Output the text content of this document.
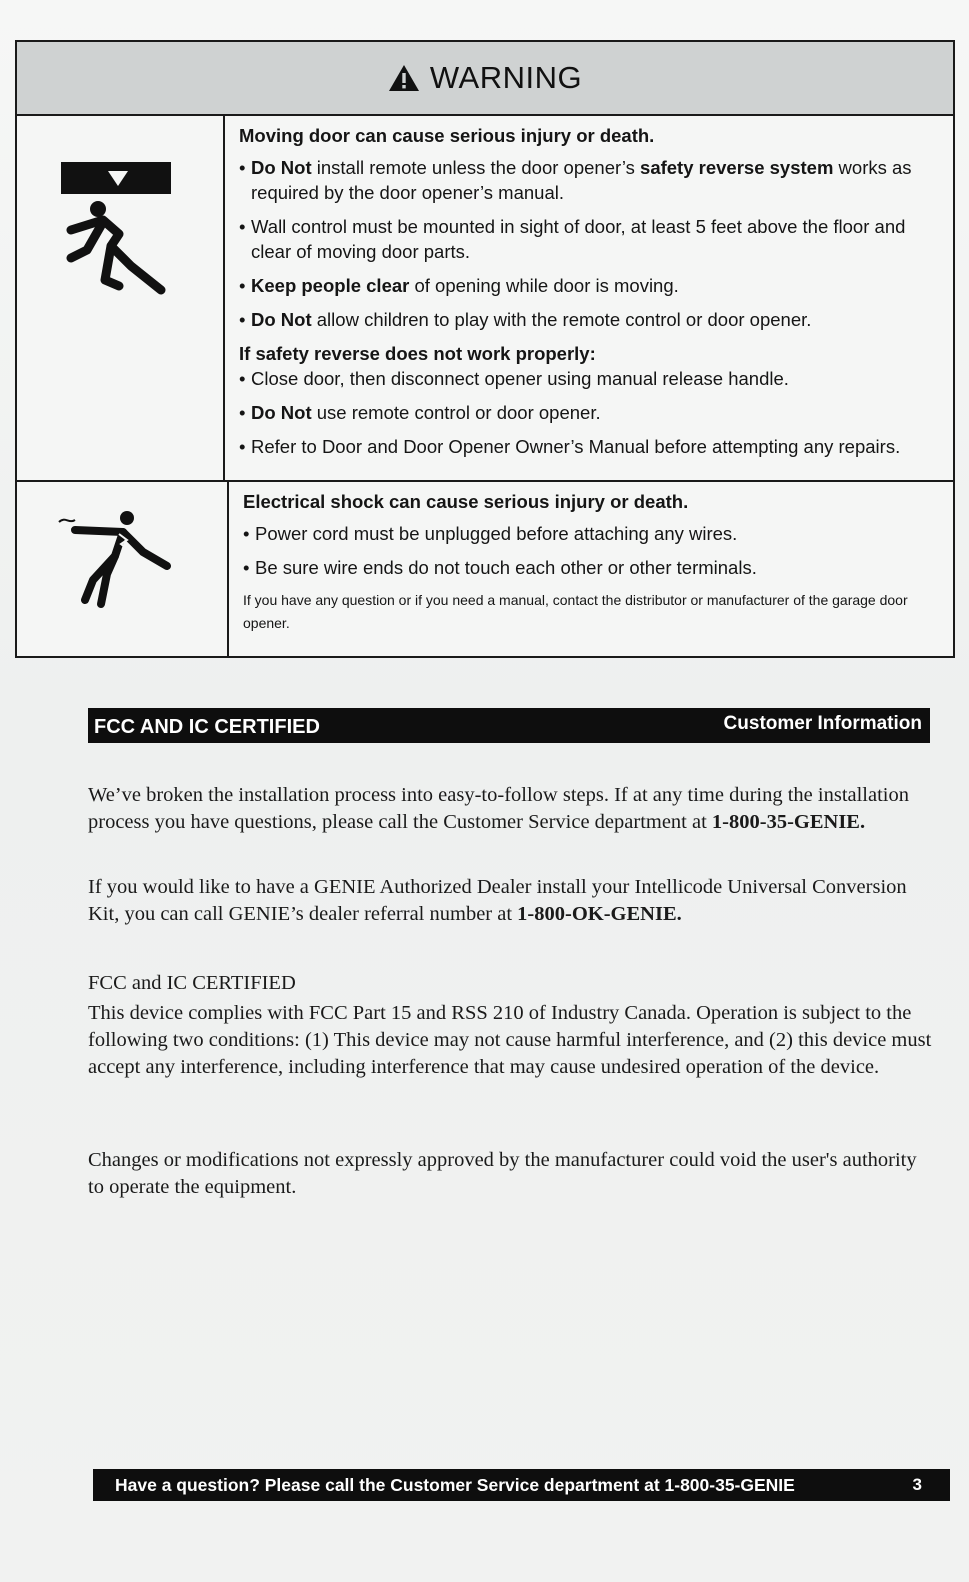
WARNING
Moving door can cause serious injury or death.
• Do Not install remote unless the door opener’s safety reverse system works as required by the door opener’s manual.
• Wall control must be mounted in sight of door, at least 5 feet above the floor and clear of moving door parts.
• Keep people clear of opening while door is moving.
• Do Not allow children to play with the remote control or door opener.
If safety reverse does not work properly:
• Close door, then disconnect opener using manual release handle.
• Do Not use remote control or door opener.
• Refer to Door and Door Opener Owner’s Manual before attempting any repairs.
Electrical shock can cause serious injury or death.
• Power cord must be unplugged before attaching any wires.
• Be sure wire ends do not touch each other or other terminals.
If you have any question or if you need a manual, contact the distributor or manufacturer of the garage door opener.
FCC AND IC CERTIFIED	Customer Information
We’ve broken the installation process into easy-to-follow steps. If at any time during the installation process you have questions, please call the Customer Service department at 1-800-35-GENIE.
If you would like to have a GENIE Authorized Dealer install your Intellicode Universal Conversion Kit, you can call GENIE’s dealer referral number at 1-800-OK-GENIE.
FCC and IC CERTIFIED
This device complies with FCC Part 15 and RSS 210 of Industry Canada. Operation is subject to the following two conditions: (1) This device may not cause harmful interference, and (2) this device must accept any interference, including interference that may cause undesired operation of the device.
Changes or modifications not expressly approved by the manufacturer could void the user's authority to operate the equipment.
Have a question? Please call the Customer Service department at 1-800-35-GENIE	3
